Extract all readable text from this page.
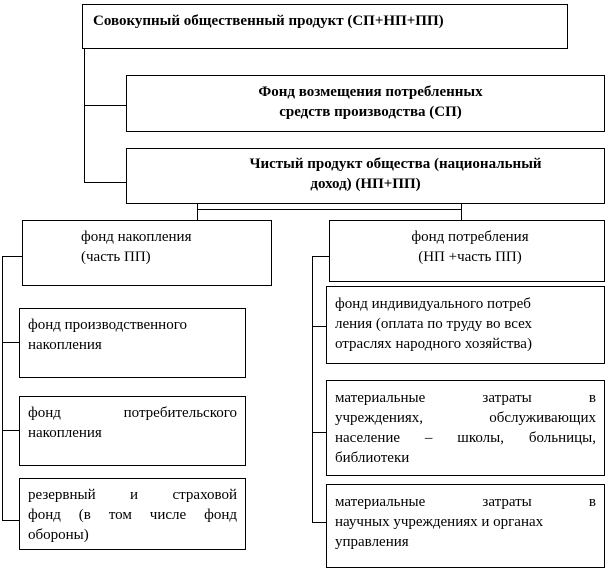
Совокупный общественный продукт (СП+НП+ПП)
Фонд возмещения потребленных
средств производства (СП)
Чистый продукт общества (национальный
доход) (НП+ПП)
фонд накопления
(часть ПП)
фонд потребления
(НП +часть ПП)
фонд производственного
накопления
фонд потребительского
накопления
резервный и страховой
фонд (в том числе фонд
обороны)
фонд индивидуального потреб
ления (оплата по труду во всех
отраслях народного хозяйства)
материальные затраты в
учреждениях, обслуживающих
население – школы, больницы,
библиотеки
материальные затраты в
научных учреждениях и органах
управления
